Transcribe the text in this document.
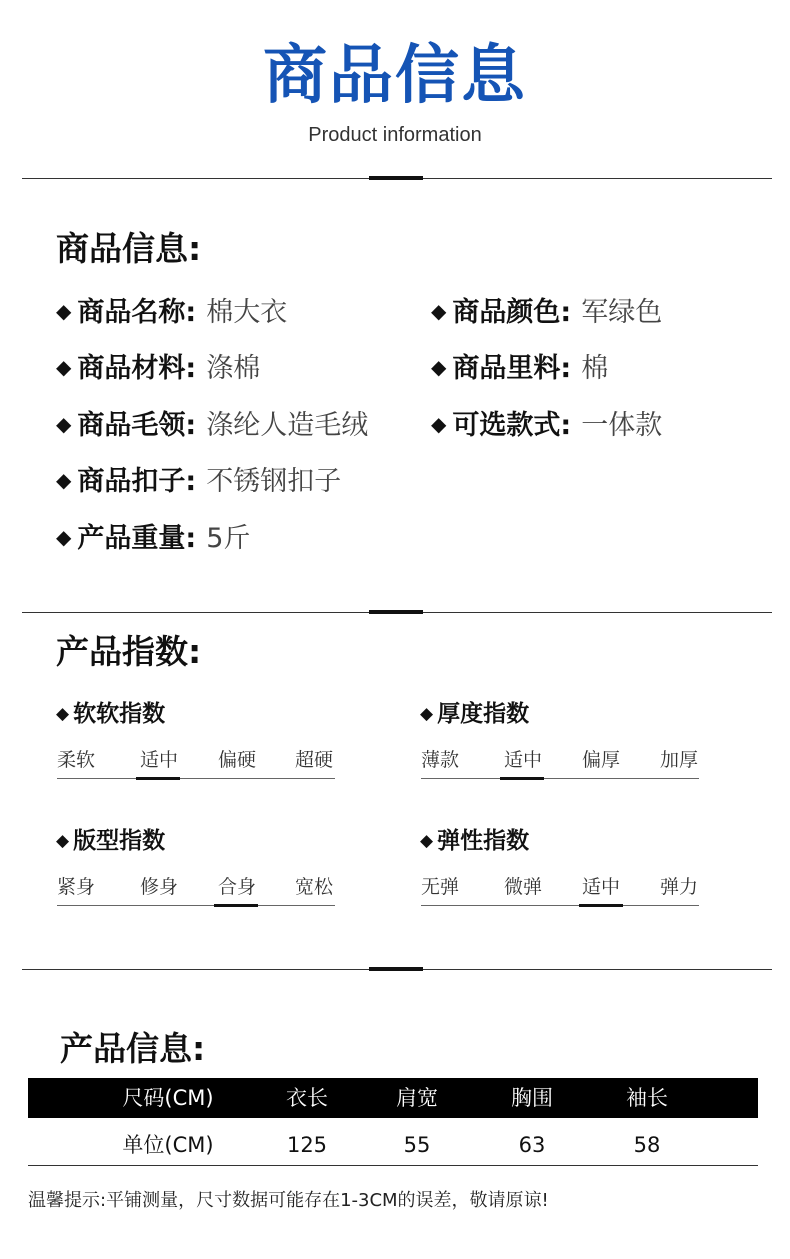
商品信息
Product information
商品信息:
◆ 商品名称: 棉大衣
◆ 商品材料: 涤棉
◆ 商品毛领: 涤纶人造毛绒
◆ 商品扣子: 不锈钢扣子
◆ 产品重量: 5斤
◆ 商品颜色: 军绿色
◆ 商品里料: 棉
◆ 可选款式: 一体款
产品指数:
◆ 软软指数
柔软	适中	偏硬	超硬
◆ 厚度指数
薄款	适中	偏厚	加厚
◆ 版型指数
紧身	修身	合身	宽松
◆ 弹性指数
无弹	微弹	适中	弹力
产品信息:
尺码(CM)	衣长	肩宽	胸围	袖长
单位(CM)	125	55	63	58
温馨提示:平铺测量，尺寸数据可能存在1-3CM的误差，敬请原谅!
